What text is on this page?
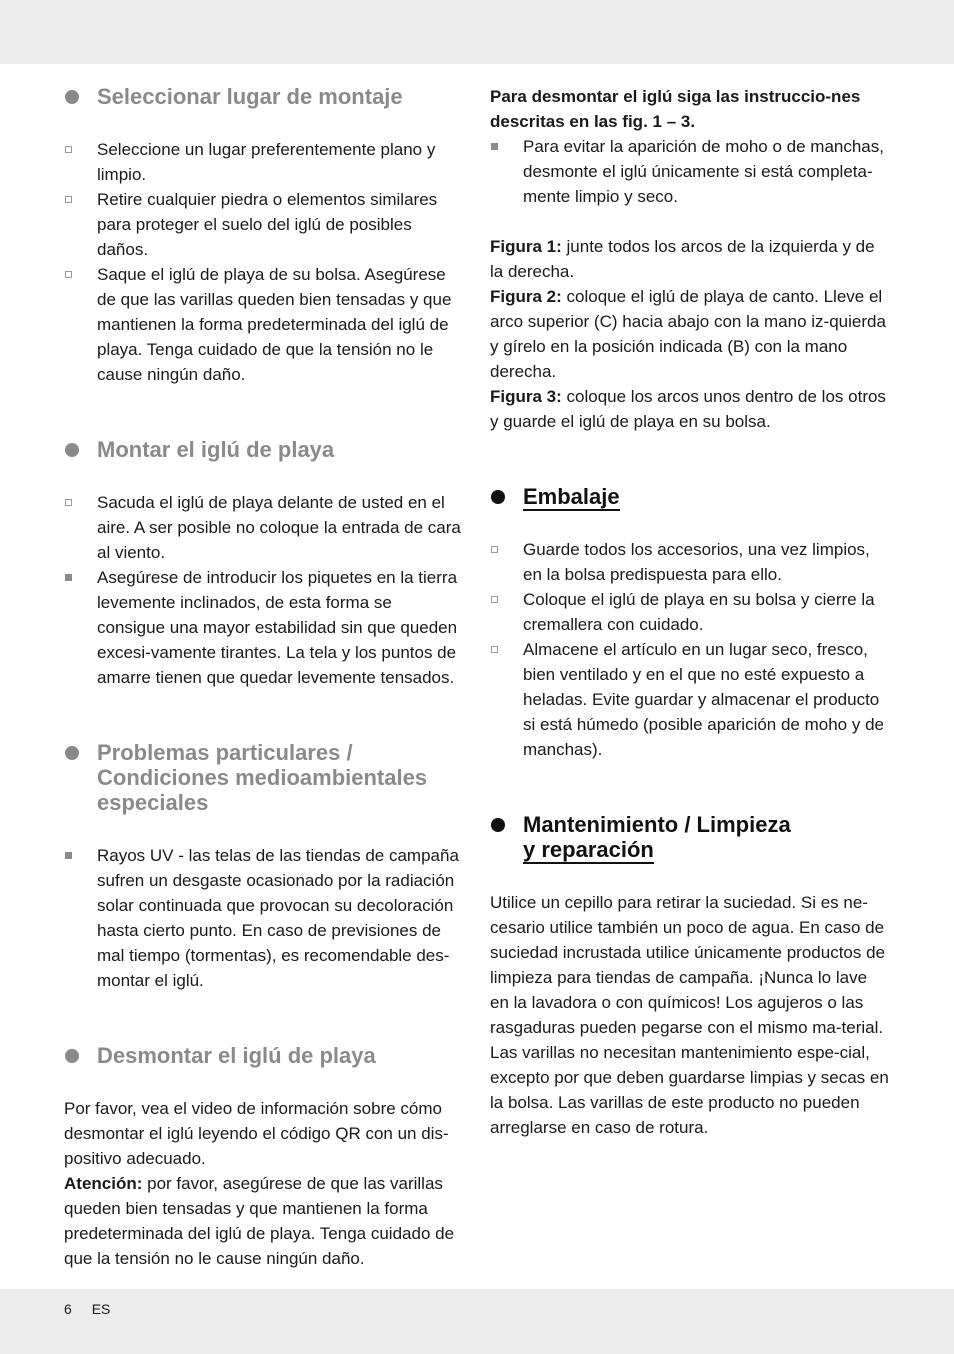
Seleccionar lugar de montaje
Seleccione un lugar preferentemente plano y limpio.
Retire cualquier piedra o elementos similares para proteger el suelo del iglú de posibles daños.
Saque el iglú de playa de su bolsa. Asegúrese de que las varillas queden bien tensadas y que mantienen la forma predeterminada del iglú de playa. Tenga cuidado de que la tensión no le cause ningún daño.
Montar el iglú de playa
Sacuda el iglú de playa delante de usted en el aire. A ser posible no coloque la entrada de cara al viento.
Asegúrese de introducir los piquetes en la tierra levemente inclinados, de esta forma se consigue una mayor estabilidad sin que queden excesi-vamente tirantes. La tela y los puntos de amarre tienen que quedar levemente tensados.
Problemas particulares / Condiciones medioambientales especiales
Rayos UV - las telas de las tiendas de campaña sufren un desgaste ocasionado por la radiación solar continuada que provocan su decoloración hasta cierto punto. En caso de previsiones de mal tiempo (tormentas), es recomendable des-montar el iglú.
Desmontar el iglú de playa
Por favor, vea el video de información sobre cómo desmontar el iglú leyendo el código QR con un dis-positivo adecuado.
Atención: por favor, asegúrese de que las varillas queden bien tensadas y que mantienen la forma predeterminada del iglú de playa. Tenga cuidado de que la tensión no le cause ningún daño.
Para desmontar el iglú siga las instruccio-nes descritas en las fig. 1 – 3.
Para evitar la aparición de moho o de manchas, desmonte el iglú únicamente si está completa-mente limpio y seco.
Figura 1: junte todos los arcos de la izquierda y de la derecha.
Figura 2: coloque el iglú de playa de canto. Lleve el arco superior (C) hacia abajo con la mano iz-quierda y gírelo en la posición indicada (B) con la mano derecha.
Figura 3: coloque los arcos unos dentro de los otros y guarde el iglú de playa en su bolsa.
Embalaje
Guarde todos los accesorios, una vez limpios, en la bolsa predispuesta para ello.
Coloque el iglú de playa en su bolsa y cierre la cremallera con cuidado.
Almacene el artículo en un lugar seco, fresco, bien ventilado y en el que no esté expuesto a heladas. Evite guardar y almacenar el producto si está húmedo (posible aparición de moho y de manchas).
Mantenimiento / Limpieza
y reparación
Utilice un cepillo para retirar la suciedad. Si es ne-cesario utilice también un poco de agua. En caso de suciedad incrustada utilice únicamente productos de limpieza para tiendas de campaña. ¡Nunca lo lave en la lavadora o con químicos! Los agujeros o las rasgaduras pueden pegarse con el mismo ma-terial. Las varillas no necesitan mantenimiento espe-cial, excepto por que deben guardarse limpias y secas en la bolsa. Las varillas de este producto no pueden arreglarse en caso de rotura.
6 ES
